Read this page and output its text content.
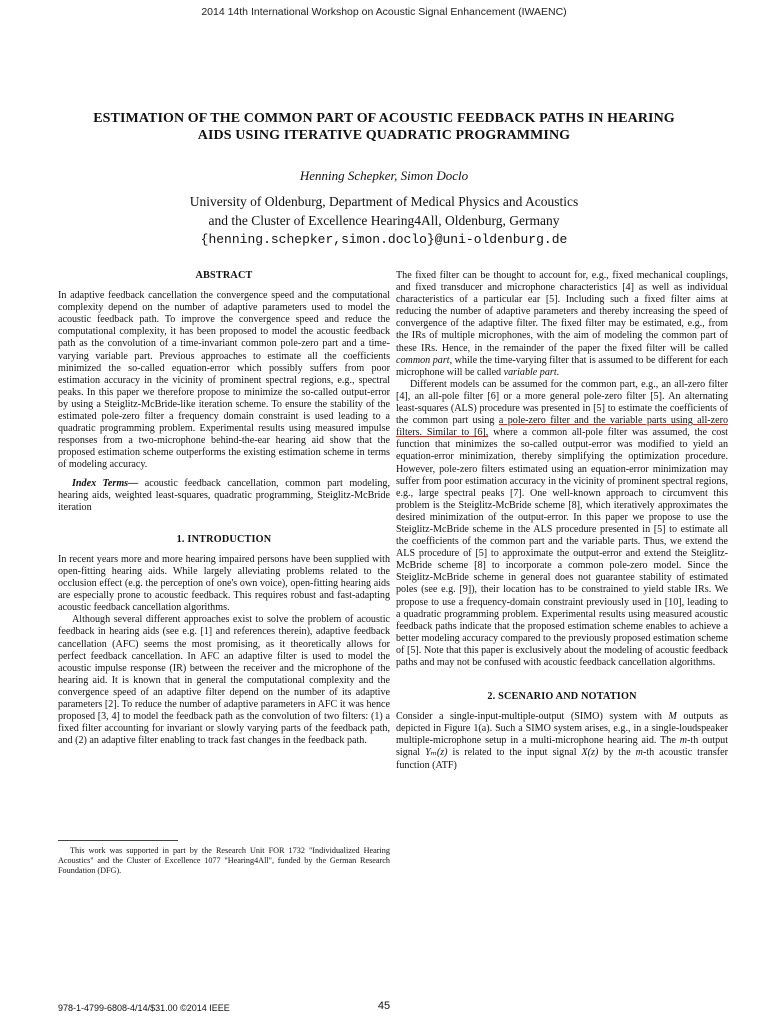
2014 14th International Workshop on Acoustic Signal Enhancement (IWAENC)
ESTIMATION OF THE COMMON PART OF ACOUSTIC FEEDBACK PATHS IN HEARING
AIDS USING ITERATIVE QUADRATIC PROGRAMMING
Henning Schepker, Simon Doclo
University of Oldenburg, Department of Medical Physics and Acoustics
and the Cluster of Excellence Hearing4All, Oldenburg, Germany
{henning.schepker,simon.doclo}@uni-oldenburg.de
ABSTRACT

In adaptive feedback cancellation the convergence speed and the computational complexity depend on the number of adaptive parameters used to model the acoustic feedback path. To improve the convergence speed and reduce the computational complexity, it has been proposed to model the acoustic feedback path as the convolution of a time-invariant common pole-zero part and a time-varying variable part. Previous approaches to estimate all the coefficients minimized the so-called equation-error which possibly suffers from poor estimation accuracy in the vicinity of prominent spectral regions, e.g., spectral peaks. In this paper we therefore propose to minimize the so-called output-error by using a Steiglitz-McBride-like iteration scheme. To ensure the stability of the estimated pole-zero filter a frequency domain constraint is used leading to a quadratic programming problem. Experimental results using measured impulse responses from a two-microphone behind-the-ear hearing aid show that the proposed estimation scheme outperforms the existing estimation scheme in terms of modeling accuracy.

Index Terms— acoustic feedback cancellation, common part modeling, hearing aids, weighted least-squares, quadratic programming, Steiglitz-McBride iteration

1. INTRODUCTION

In recent years more and more hearing impaired persons have been supplied with open-fitting hearing aids. While largely alleviating problems related to the occlusion effect (e.g. the perception of one's own voice), open-fitting hearing aids are especially prone to acoustic feedback. This requires robust and fast-adapting acoustic feedback cancellation algorithms.

Although several different approaches exist to solve the problem of acoustic feedback in hearing aids (see e.g. [1] and references therein), adaptive feedback cancellation (AFC) seems the most promising, as it theoretically allows for perfect feedback cancellation. In AFC an adaptive filter is used to model the acoustic impulse response (IR) between the receiver and the microphone of the hearing aid. It is known that in general the computational complexity and the convergence speed of an adaptive filter depend on the number of its adaptive parameters [2]. To reduce the number of adaptive parameters in AFC it was hence proposed [3, 4] to model the feedback path as the convolution of two filters: (1) a fixed filter accounting for invariant or slowly varying parts of the feedback path, and (2) an adaptive filter enabling to track fast changes in the feedback path.

This work was supported in part by the Research Unit FOR 1732 "Individualized Hearing Acoustics" and the Cluster of Excellence 1077 "Hearing4All", funded by the German Research Foundation (DFG).

The fixed filter can be thought to account for, e.g., fixed mechanical couplings, and fixed transducer and microphone characteristics [4] as well as individual characteristics of a particular ear [5]. Including such a fixed filter aims at reducing the number of adaptive parameters and thereby increasing the speed of convergence of the adaptive filter. The fixed filter may be estimated, e.g., from the IRs of multiple microphones, with the aim of modeling the common part of these IRs. Hence, in the remainder of the paper the fixed filter will be called common part, while the time-varying filter that is assumed to be different for each microphone will be called variable part.

Different models can be assumed for the common part, e.g., an all-zero filter [4], an all-pole filter [6] or a more general pole-zero filter [5]. An alternating least-squares (ALS) procedure was presented in [5] to estimate the coefficients of the common part using a pole-zero filter and the variable parts using all-zero filters. Similar to [6], where a common all-pole filter was assumed, the cost function that minimizes the so-called output-error was modified to yield an equation-error minimization, thereby simplifying the optimization procedure. However, pole-zero filters estimated using an equation-error minimization may suffer from poor estimation accuracy in the vicinity of prominent spectral regions, e.g., large spectral peaks [7]. One well-known approach to circumvent this problem is the Steiglitz-McBride scheme [8], which iteratively approximates the desired minimization of the output-error. In this paper we propose to use the Steiglitz-McBride scheme in the ALS procedure presented in [5] to estimate all the coefficients of the common part and the variable parts. Thus, we extend the ALS procedure of [5] to approximate the output-error and extend the Steiglitz-McBride scheme [8] to incorporate a common pole-zero model. Since the Steiglitz-McBride scheme in general does not guarantee stability of estimated poles (see e.g. [9]), their location has to be constrained to yield stable IRs. We propose to use a frequency-domain constraint previously used in [10], leading to a quadratic programming problem. Experimental results using measured acoustic feedback paths indicate that the proposed estimation scheme enables to achieve a better modeling accuracy compared to the previously proposed estimation scheme of [5]. Note that this paper is exclusively about the modeling of acoustic feedback paths and may not be confused with acoustic feedback cancellation algorithms.

2. SCENARIO AND NOTATION

Consider a single-input-multiple-output (SIMO) system with M outputs as depicted in Figure 1(a). Such a SIMO system arises, e.g., in a single-loudspeaker multiple-microphone setup in a multi-microphone hearing aid. The m-th output signal Yₘ(z) is related to the input signal X(z) by the m-th acoustic transfer function (ATF)

978-1-4799-6808-4/14/$31.00 ©2014 IEEE	45
